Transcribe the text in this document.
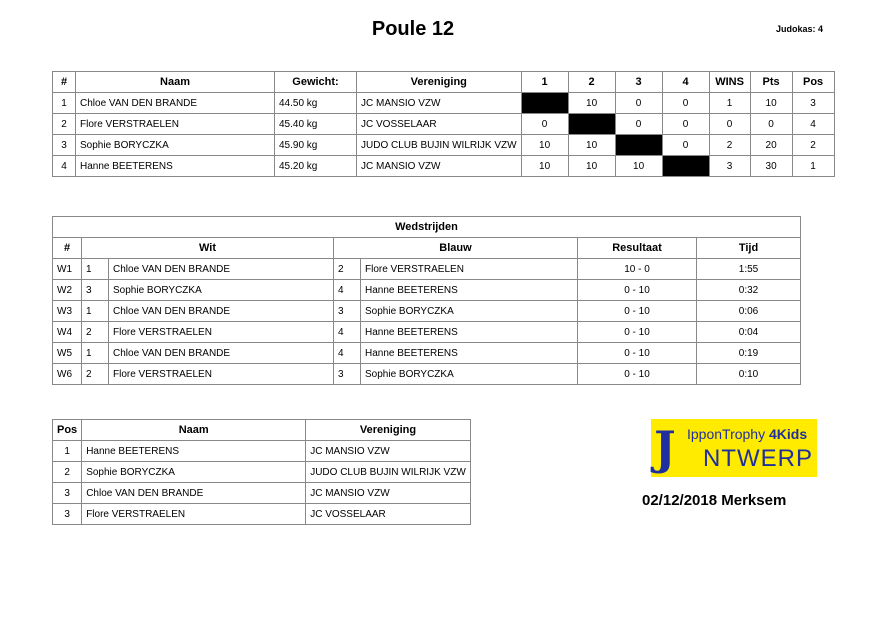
Poule 12	Judokas: 4
#	Naam	Gewicht:	Vereniging	1	2	3	4	WINS	Pts	Pos
1	Chloe VAN DEN BRANDE	44.50 kg	JC MANSIO VZW		10	0	0	1	10	3
2	Flore VERSTRAELEN	45.40 kg	JC VOSSELAAR	0		0	0	0	0	4
3	Sophie BORYCZKA	45.90 kg	JUDO CLUB BUJIN WILRIJK VZW	10	10		0	2	20	2
4	Hanne BEETERENS	45.20 kg	JC MANSIO VZW	10	10	10		3	30	1
Wedstrijden						
#	Wit		Blauw		Resultaat	Tijd
W1	1	Chloe VAN DEN BRANDE	2	Flore VERSTRAELEN	10 - 0	1:55
W2	3	Sophie BORYCZKA	4	Hanne BEETERENS	0 - 10	0:32
W3	1	Chloe VAN DEN BRANDE	3	Sophie BORYCZKA	0 - 10	0:06
W4	2	Flore VERSTRAELEN	4	Hanne BEETERENS	0 - 10	0:04
W5	1	Chloe VAN DEN BRANDE	4	Hanne BEETERENS	0 - 10	0:19
W6	2	Flore VERSTRAELEN	3	Sophie BORYCZKA	0 - 10	0:10
Pos	Naam	Vereniging
1	Hanne BEETERENS	JC MANSIO VZW
2	Sophie BORYCZKA	JUDO CLUB BUJIN WILRIJK VZW
3	Chloe VAN DEN BRANDE	JC MANSIO VZW
3	Flore VERSTRAELEN	JC VOSSELAAR
J IpponTrophy 4Kids
NTWERP
02/12/2018 Merksem
